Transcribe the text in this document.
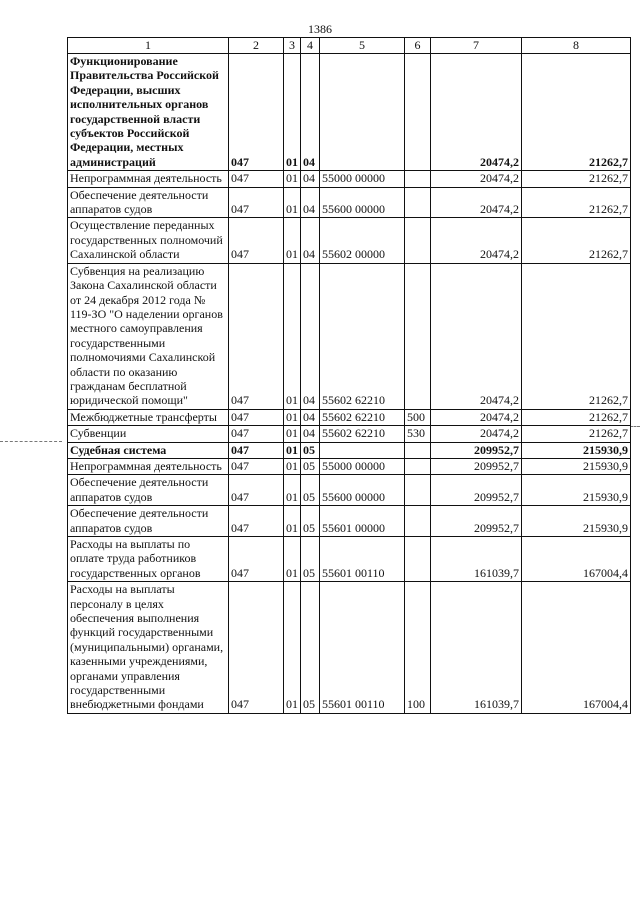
1386
1	2	3	4	5	6	7	8
Функционирование Правительства Российской Федерации, высших исполнительных органов государственной власти субъектов Российской Федерации, местных администраций	047	01	04			20474,2	21262,7
Непрограммная деятельность	047	01	04	55000 00000		20474,2	21262,7
Обеспечение деятельности аппаратов судов	047	01	04	55600 00000		20474,2	21262,7
Осуществление переданных государственных полномочий Сахалинской области	047	01	04	55602 00000		20474,2	21262,7
Субвенция на реализацию Закона Сахалинской области от 24 декабря 2012 года № 119-ЗО "О наделении органов местного самоуправления государственными полномочиями Сахалинской области по оказанию гражданам бесплатной юридической помощи"	047	01	04	55602 62210		20474,2	21262,7
Межбюджетные трансферты	047	01	04	55602 62210	500	20474,2	21262,7
Субвенции	047	01	04	55602 62210	530	20474,2	21262,7
Судебная система	047	01	05			209952,7	215930,9
Непрограммная деятельность	047	01	05	55000 00000		209952,7	215930,9
Обеспечение деятельности аппаратов судов	047	01	05	55600 00000		209952,7	215930,9
Обеспечение деятельности аппаратов судов	047	01	05	55601 00000		209952,7	215930,9
Расходы на выплаты по оплате труда работников государственных органов	047	01	05	55601 00110		161039,7	167004,4
Расходы на выплаты персоналу в целях обеспечения выполнения функций государственными (муниципальными) органами, казенными учреждениями, органами управления государственными внебюджетными фондами	047	01	05	55601 00110	100	161039,7	167004,4
